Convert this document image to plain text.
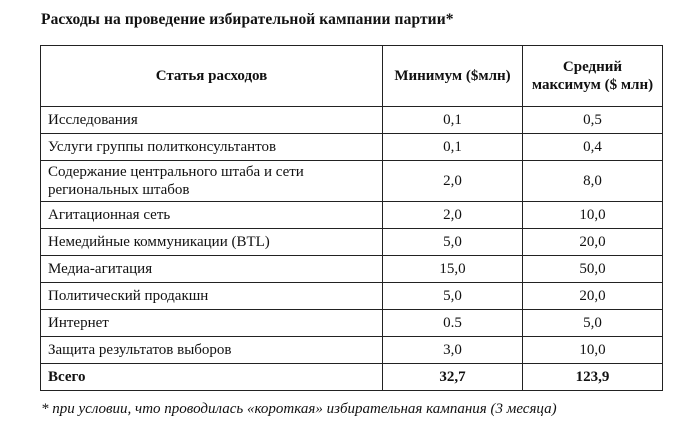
Расходы на проведение избирательной кампании партии*
Статья расходов	Минимум ($млн)	Средний максимум ($ млн)
Исследования	0,1	0,5
Услуги группы политконсультантов	0,1	0,4
Содержание центрального штаба и сети региональных штабов	2,0	8,0
Агитационная сеть	2,0	10,0
Немедийные коммуникации (BTL)	5,0	20,0
Медиа-агитация	15,0	50,0
Политический продакшн	5,0	20,0
Интернет	0.5	5,0
Защита результатов выборов	3,0	10,0
Всего	32,7	123,9
* при условии, что проводилась «короткая» избирательная кампания (3 месяца)
